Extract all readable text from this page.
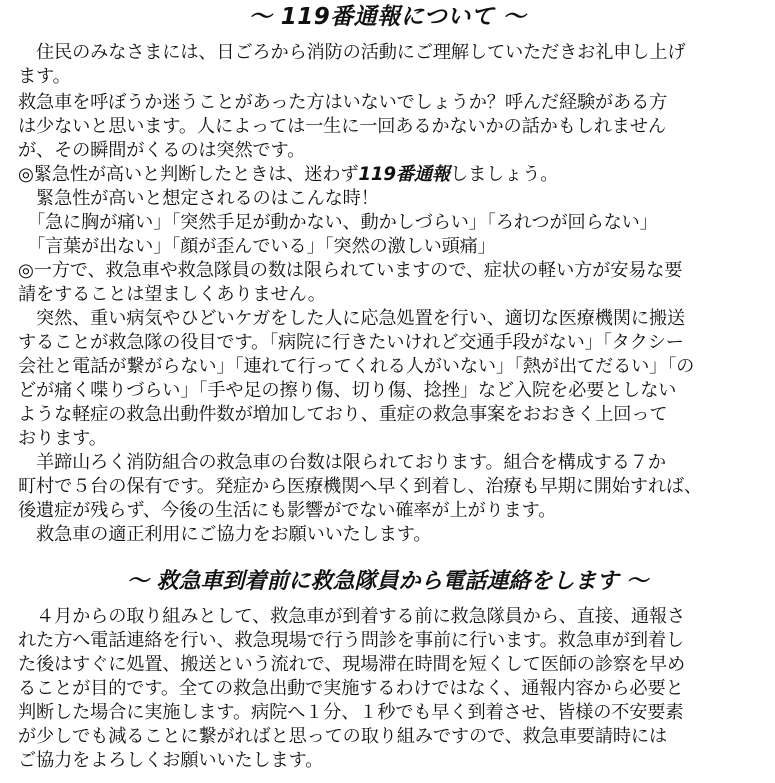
～ 119番通報について ～
　住民のみなさまには、日ごろから消防の活動にご理解していただきお礼申し上げ
ます。
救急車を呼ぼうか迷うことがあった方はいないでしょうか？呼んだ経験がある方
は少ないと思います。人によっては一生に一回あるかないかの話かもしれません
が、その瞬間がくるのは突然です。
◎緊急性が高いと判断したときは、迷わず119番通報しましょう。
　緊急性が高いと想定されるのはこんな時！
　「急に胸が痛い」「突然手足が動かない、動かしづらい」「ろれつが回らない」
　「言葉が出ない」「顔が歪んでいる」「突然の激しい頭痛」
◎一方で、救急車や救急隊員の数は限られていますので、症状の軽い方が安易な要
請をすることは望ましくありません。
　突然、重い病気やひどいケガをした人に応急処置を行い、適切な医療機関に搬送
することが救急隊の役目です。「病院に行きたいけれど交通手段がない」「タクシー
会社と電話が繋がらない」「連れて行ってくれる人がいない」「熱が出てだるい」「の
どが痛く喋りづらい」「手や足の擦り傷、切り傷、捻挫」など入院を必要としない
ような軽症の救急出動件数が増加しており、重症の救急事案をおおきく上回って
おります。
　羊蹄山ろく消防組合の救急車の台数は限られております。組合を構成する７か
町村で５台の保有です。発症から医療機関へ早く到着し、治療も早期に開始すれば、
後遺症が残らず、今後の生活にも影響がでない確率が上がります。
　救急車の適正利用にご協力をお願いいたします。
～ 救急車到着前に救急隊員から電話連絡をします ～
　４月からの取り組みとして、救急車が到着する前に救急隊員から、直接、通報さ
れた方へ電話連絡を行い、救急現場で行う問診を事前に行います。救急車が到着し
た後はすぐに処置、搬送という流れで、現場滞在時間を短くして医師の診察を早め
ることが目的です。全ての救急出動で実施するわけではなく、通報内容から必要と
判断した場合に実施します。病院へ１分、１秒でも早く到着させ、皆様の不安要素
が少しでも減ることに繋がればと思っての取り組みですので、救急車要請時には
ご協力をよろしくお願いいたします。
